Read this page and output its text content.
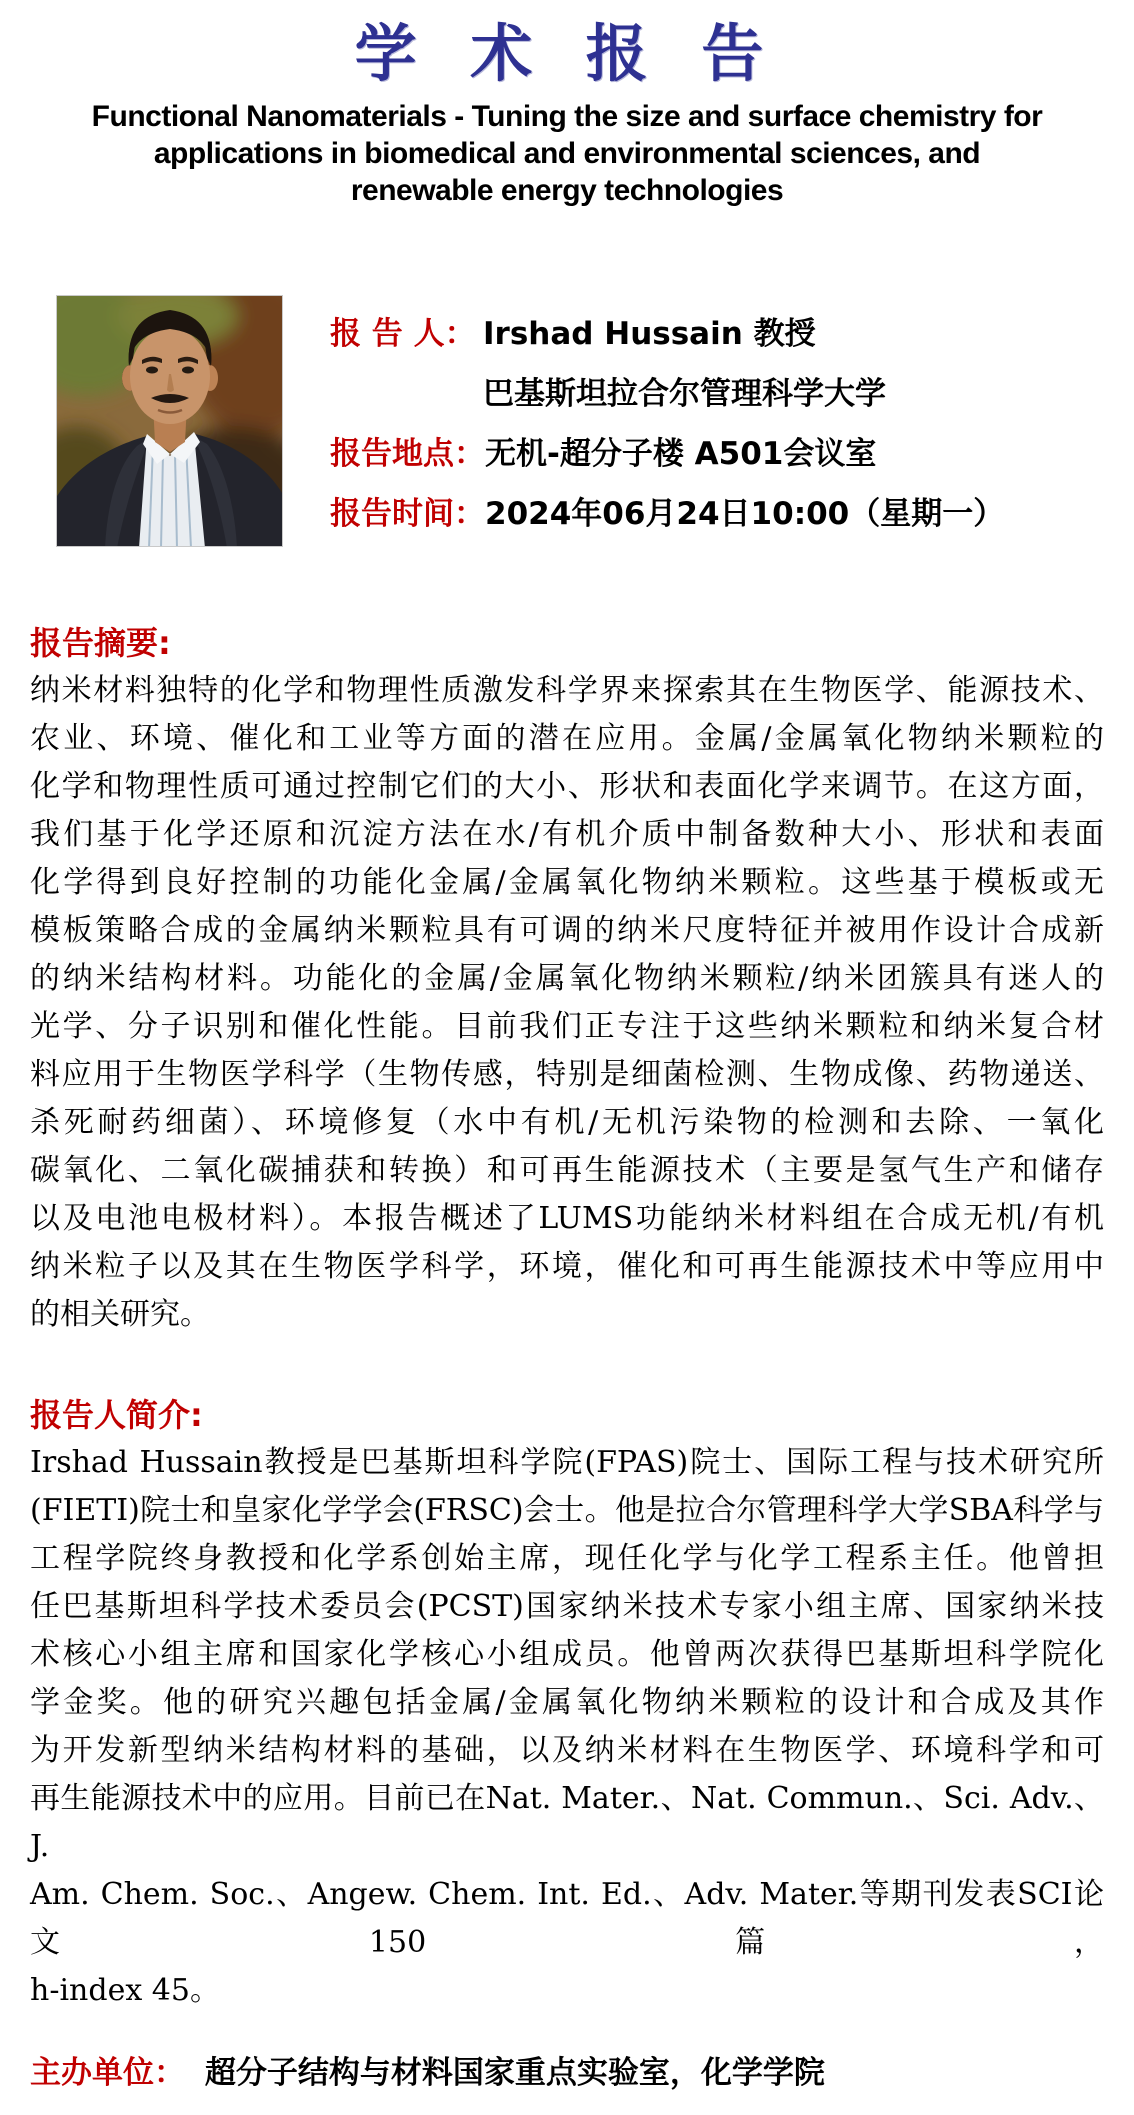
学 术 报 告
Functional Nanomaterials - Tuning the size and surface chemistry for
applications in biomedical and environmental sciences, and
renewable energy technologies
报 告 人： Irshad Hussain 教授
巴基斯坦拉合尔管理科学大学
报告地点： 无机-超分子楼 A501会议室
报告时间： 2024年06月24日10:00（星期一）
报告摘要:
纳米材料独特的化学和物理性质激发科学界来探索其在生物医学、能源技术、
农业、环境、催化和工业等方面的潜在应用。金属/金属氧化物纳米颗粒的
化学和物理性质可通过控制它们的大小、形状和表面化学来调节。在这方面，
我们基于化学还原和沉淀方法在水/有机介质中制备数种大小、形状和表面
化学得到良好控制的功能化金属/金属氧化物纳米颗粒。这些基于模板或无
模板策略合成的金属纳米颗粒具有可调的纳米尺度特征并被用作设计合成新
的纳米结构材料。功能化的金属/金属氧化物纳米颗粒/纳米团簇具有迷人的
光学、分子识别和催化性能。目前我们正专注于这些纳米颗粒和纳米复合材
料应用于生物医学科学（生物传感，特别是细菌检测、生物成像、药物递送、
杀死耐药细菌）、环境修复（水中有机/无机污染物的检测和去除、一氧化
碳氧化、二氧化碳捕获和转换）和可再生能源技术（主要是氢气生产和储存
以及电池电极材料）。本报告概述了LUMS功能纳米材料组在合成无机/有机
纳米粒子以及其在生物医学科学，环境，催化和可再生能源技术中等应用中
的相关研究。
报告人简介:
Irshad Hussain教授是巴基斯坦科学院(FPAS)院士、国际工程与技术研究所
(FIETI)院士和皇家化学学会(FRSC)会士。他是拉合尔管理科学大学SBA科学与
工程学院终身教授和化学系创始主席，现任化学与化学工程系主任。他曾担
任巴基斯坦科学技术委员会(PCST)国家纳米技术专家小组主席、国家纳米技
术核心小组主席和国家化学核心小组成员。他曾两次获得巴基斯坦科学院化
学金奖。他的研究兴趣包括金属/金属氧化物纳米颗粒的设计和合成及其作
为开发新型纳米结构材料的基础，以及纳米材料在生物医学、环境科学和可
再生能源技术中的应用。目前已在Nat. Mater.、Nat. Commun.、Sci. Adv.、J.
Am. Chem. Soc.、Angew. Chem. Int. Ed.、Adv. Mater.等期刊发表SCI论文150篇，
h-index 45。
主办单位： 超分子结构与材料国家重点实验室，化学学院
